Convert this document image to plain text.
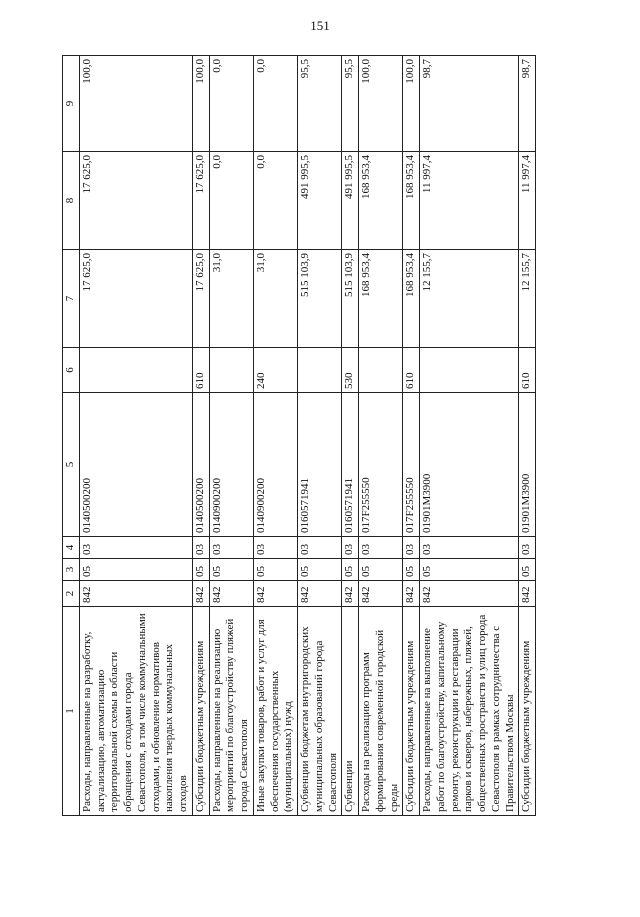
151
1	2	3	4	5	6	7	8	9
Расходы, направленные на разработку, актуализацию, автоматизацию территориальной схемы в области обращения с отходами города Севастополя, в том числе коммунальными отходами, и обновление нормативов накопления твердых коммунальных отходов	842	05	03	0140500200		17 625,0	17 625,0	100,0
Субсидии бюджетным учреждениям	842	05	03	0140500200	610	17 625,0	17 625,0	100,0
Расходы, направленные на реализацию мероприятий по благоустройству пляжей города Севастополя	842	05	03	0140900200		31,0	0,0	0,0
Иные закупки товаров, работ и услуг для обеспечения государственных (муниципальных) нужд	842	05	03	0140900200	240	31,0	0,0	0,0
Субвенции бюджетам внутригородских муниципальных образований города Севастополя	842	05	03	0160571941		515 103,9	491 995,5	95,5
Субвенции	842	05	03	0160571941	530	515 103,9	491 995,5	95,5
Расходы на реализацию программ формирования современной городской среды	842	05	03	017F255550		168 953,4	168 953,4	100,0
Субсидии бюджетным учреждениям	842	05	03	017F255550	610	168 953,4	168 953,4	100,0
Расходы, направленные на выполнение работ по благоустройству, капитальному ремонту, реконструкции и реставрации парков и скверов, набережных, пляжей, общественных пространств и улиц города Севастополя в рамках сотрудничества с Правительством Москвы	842	05	03	01901М3900		12 155,7	11 997,4	98,7
Субсидии бюджетным учреждениям	842	05	03	01901М3900	610	12 155,7	11 997,4	98,7
